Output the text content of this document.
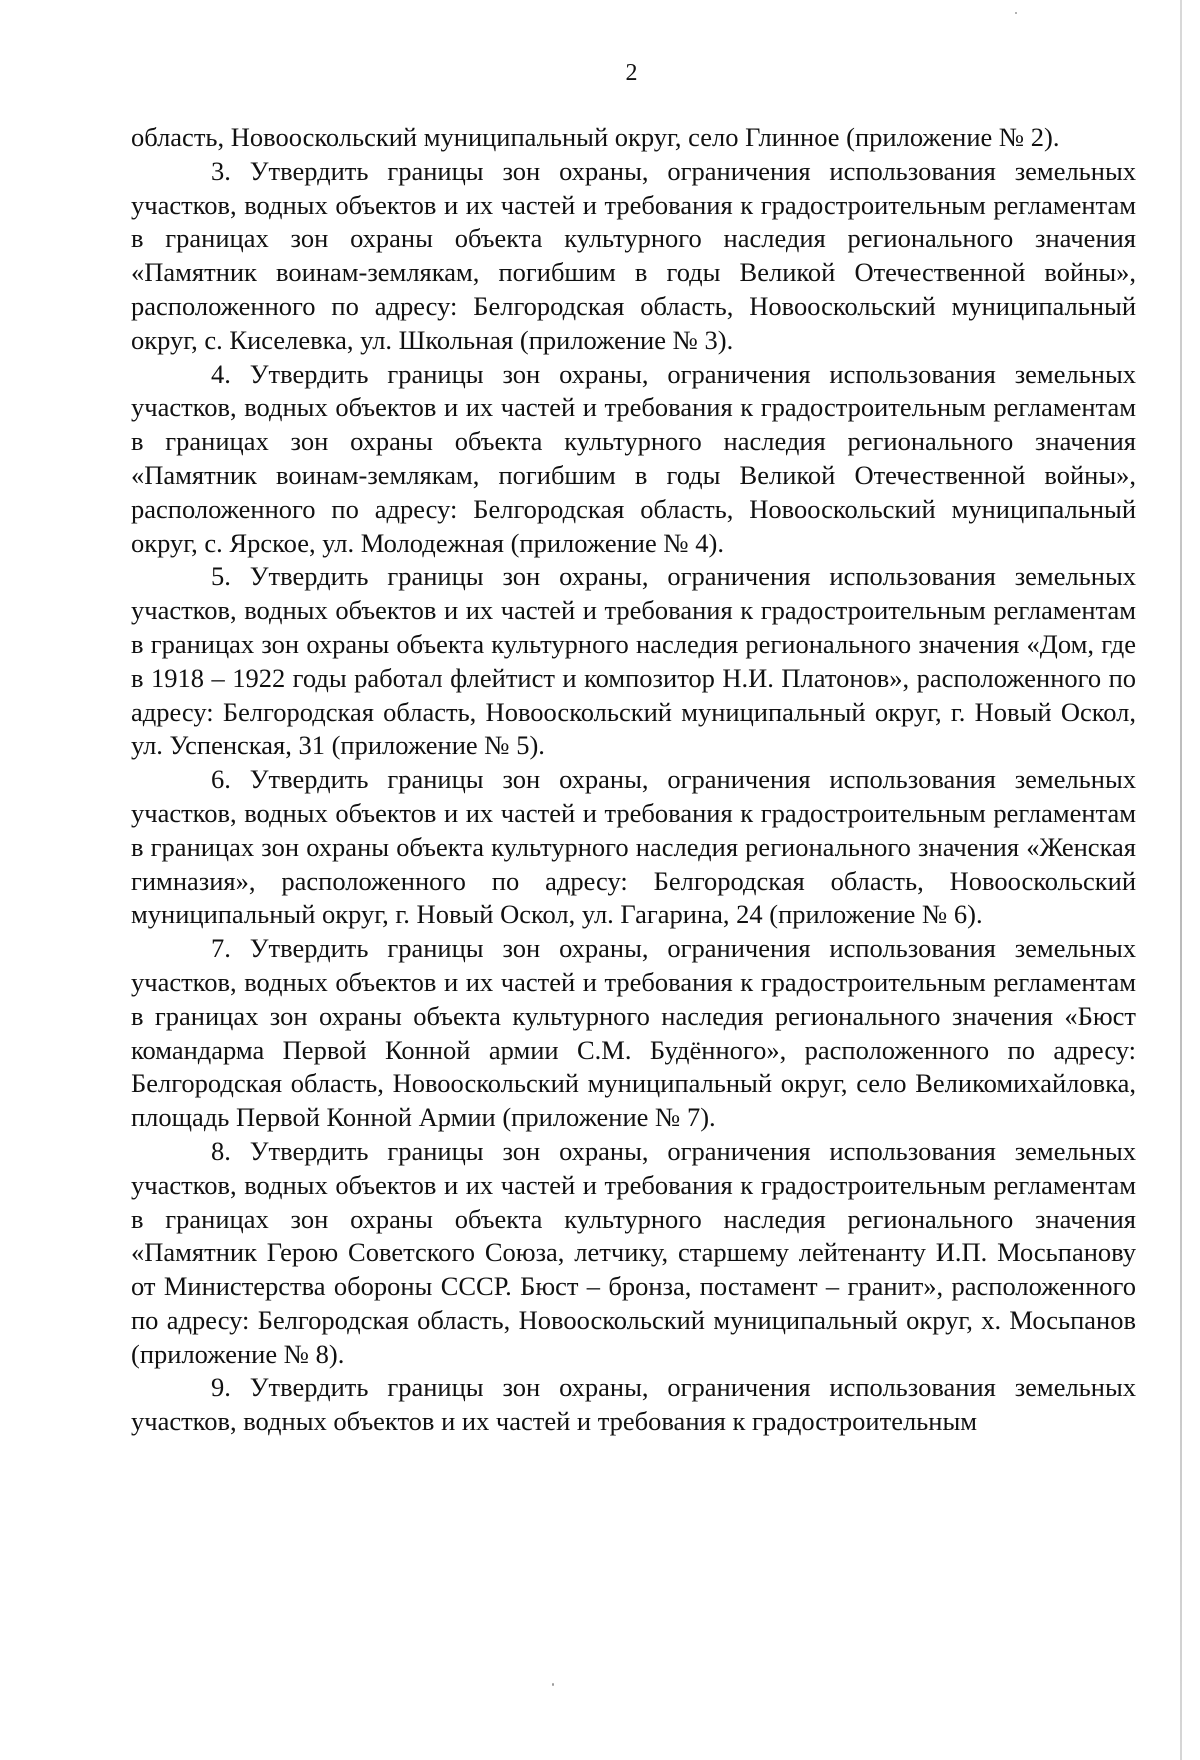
2

область, Новооскольский муниципальный округ, село Глинное (приложение № 2).

3. Утвердить границы зон охраны, ограничения использования земельных участков, водных объектов и их частей и требования к градостроительным регламентам в границах зон охраны объекта культурного наследия регионального значения «Памятник воинам-землякам, погибшим в годы Великой Отечественной войны», расположенного по адресу: Белгородская область, Новооскольский муниципальный округ, с. Киселевка, ул. Школьная (приложение № 3).

4. Утвердить границы зон охраны, ограничения использования земельных участков, водных объектов и их частей и требования к градостроительным регламентам в границах зон охраны объекта культурного наследия регионального значения «Памятник воинам-землякам, погибшим в годы Великой Отечественной войны», расположенного по адресу: Белгородская область, Новооскольский муниципальный округ, с. Ярское, ул. Молодежная (приложение № 4).

5. Утвердить границы зон охраны, ограничения использования земельных участков, водных объектов и их частей и требования к градостроительным регламентам в границах зон охраны объекта культурного наследия регионального значения «Дом, где в 1918 – 1922 годы работал флейтист и композитор Н.И. Платонов», расположенного по адресу: Белгородская область, Новооскольский муниципальный округ, г. Новый Оскол, ул. Успенская, 31 (приложение № 5).

6. Утвердить границы зон охраны, ограничения использования земельных участков, водных объектов и их частей и требования к градостроительным регламентам в границах зон охраны объекта культурного наследия регионального значения «Женская гимназия», расположенного по адресу: Белгородская область, Новооскольский муниципальный округ, г. Новый Оскол, ул. Гагарина, 24 (приложение № 6).

7. Утвердить границы зон охраны, ограничения использования земельных участков, водных объектов и их частей и требования к градостроительным регламентам в границах зон охраны объекта культурного наследия регионального значения «Бюст командарма Первой Конной армии С.М. Будённого», расположенного по адресу: Белгородская область, Новооскольский муниципальный округ, село Великомихайловка, площадь Первой Конной Армии (приложение № 7).

8. Утвердить границы зон охраны, ограничения использования земельных участков, водных объектов и их частей и требования к градостроительным регламентам в границах зон охраны объекта культурного наследия регионального значения «Памятник Герою Советского Союза, летчику, старшему лейтенанту И.П. Мосьпанову от Министерства обороны СССР. Бюст – бронза, постамент – гранит», расположенного по адресу: Белгородская область, Новооскольский муниципальный округ, х. Мосьпанов (приложение № 8).

9. Утвердить границы зон охраны, ограничения использования земельных участков, водных объектов и их частей и требования к градостроительным
